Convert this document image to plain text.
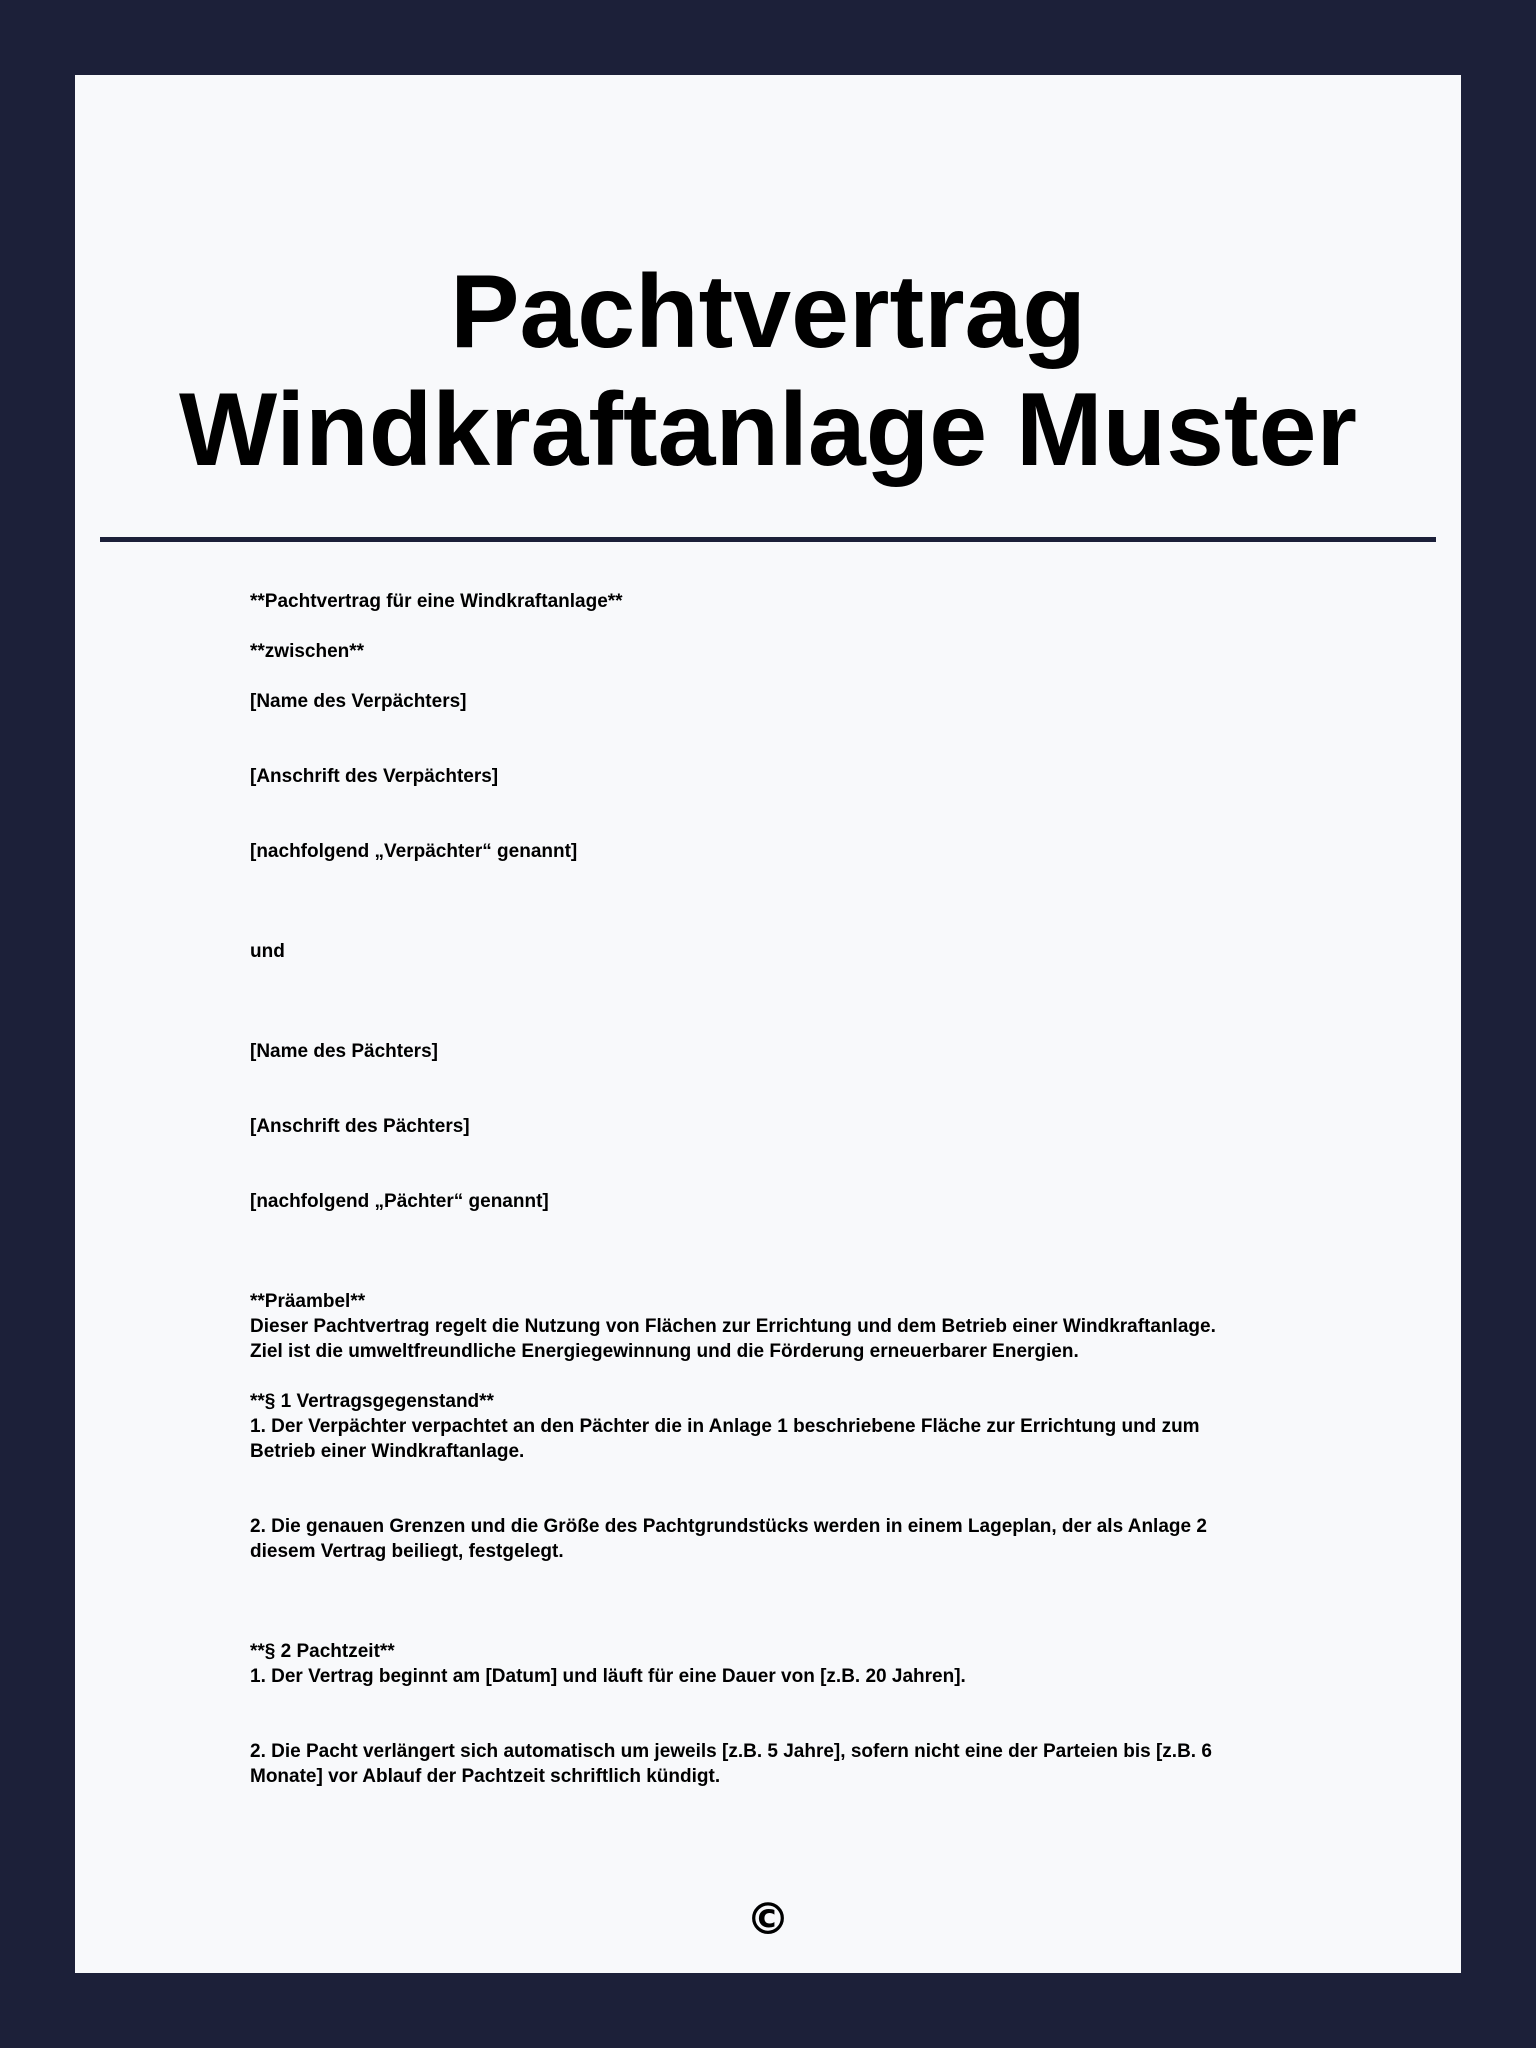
Pachtvertrag
Windkraftanlage Muster

**Pachtvertrag für eine Windkraftanlage**

**zwischen**

[Name des Verpächters]

[Anschrift des Verpächters]

[nachfolgend „Verpächter“ genannt]

und

[Name des Pächters]

[Anschrift des Pächters]

[nachfolgend „Pächter“ genannt]

**Präambel**

Dieser Pachtvertrag regelt die Nutzung von Flächen zur Errichtung und dem Betrieb einer Windkraftanlage.

Ziel ist die umweltfreundliche Energiegewinnung und die Förderung erneuerbarer Energien.

**§ 1 Vertragsgegenstand**

1. Der Verpächter verpachtet an den Pächter die in Anlage 1 beschriebene Fläche zur Errichtung und zum

Betrieb einer Windkraftanlage.

2. Die genauen Grenzen und die Größe des Pachtgrundstücks werden in einem Lageplan, der als Anlage 2

diesem Vertrag beiliegt, festgelegt.

**§ 2 Pachtzeit**

1. Der Vertrag beginnt am [Datum] und läuft für eine Dauer von [z.B. 20 Jahren].

2. Die Pacht verlängert sich automatisch um jeweils [z.B. 5 Jahre], sofern nicht eine der Parteien bis [z.B. 6

Monate] vor Ablauf der Pachtzeit schriftlich kündigt.

©
